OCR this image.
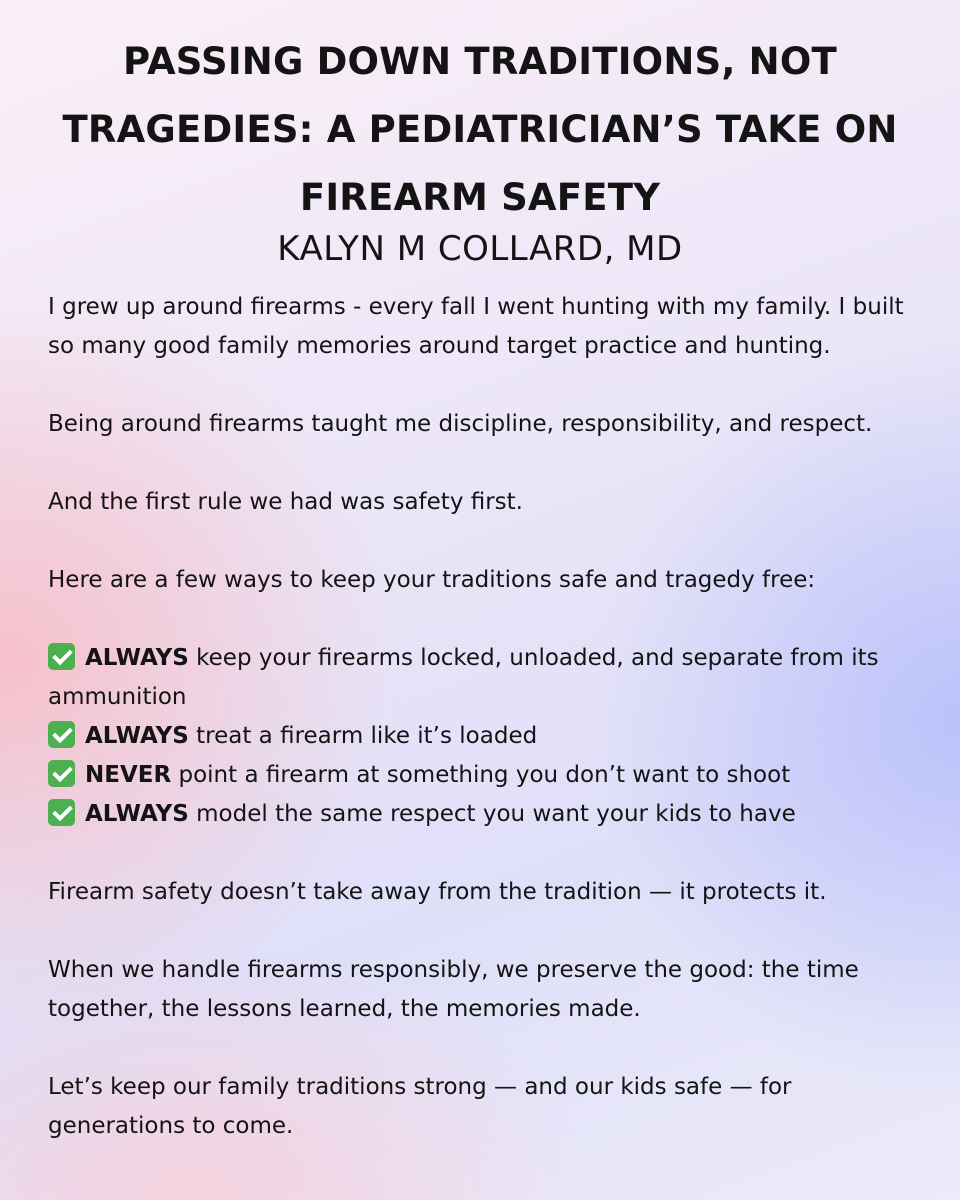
PASSING DOWN TRADITIONS, NOT TRAGEDIES: A PEDIATRICIAN’S TAKE ON FIREARM SAFETY
KALYN M COLLARD, MD

I grew up around firearms - every fall I went hunting with my family. I built so many good family memories around target practice and hunting.

Being around firearms taught me discipline, responsibility, and respect.

And the first rule we had was safety first.

Here are a few ways to keep your traditions safe and tragedy free:

ALWAYS keep your firearms locked, unloaded, and separate from its ammunition
ALWAYS treat a firearm like it’s loaded
NEVER point a firearm at something you don’t want to shoot
ALWAYS model the same respect you want your kids to have

Firearm safety doesn’t take away from the tradition — it protects it.

When we handle firearms responsibly, we preserve the good: the time together, the lessons learned, the memories made.

Let’s keep our family traditions strong — and our kids safe — for generations to come.
